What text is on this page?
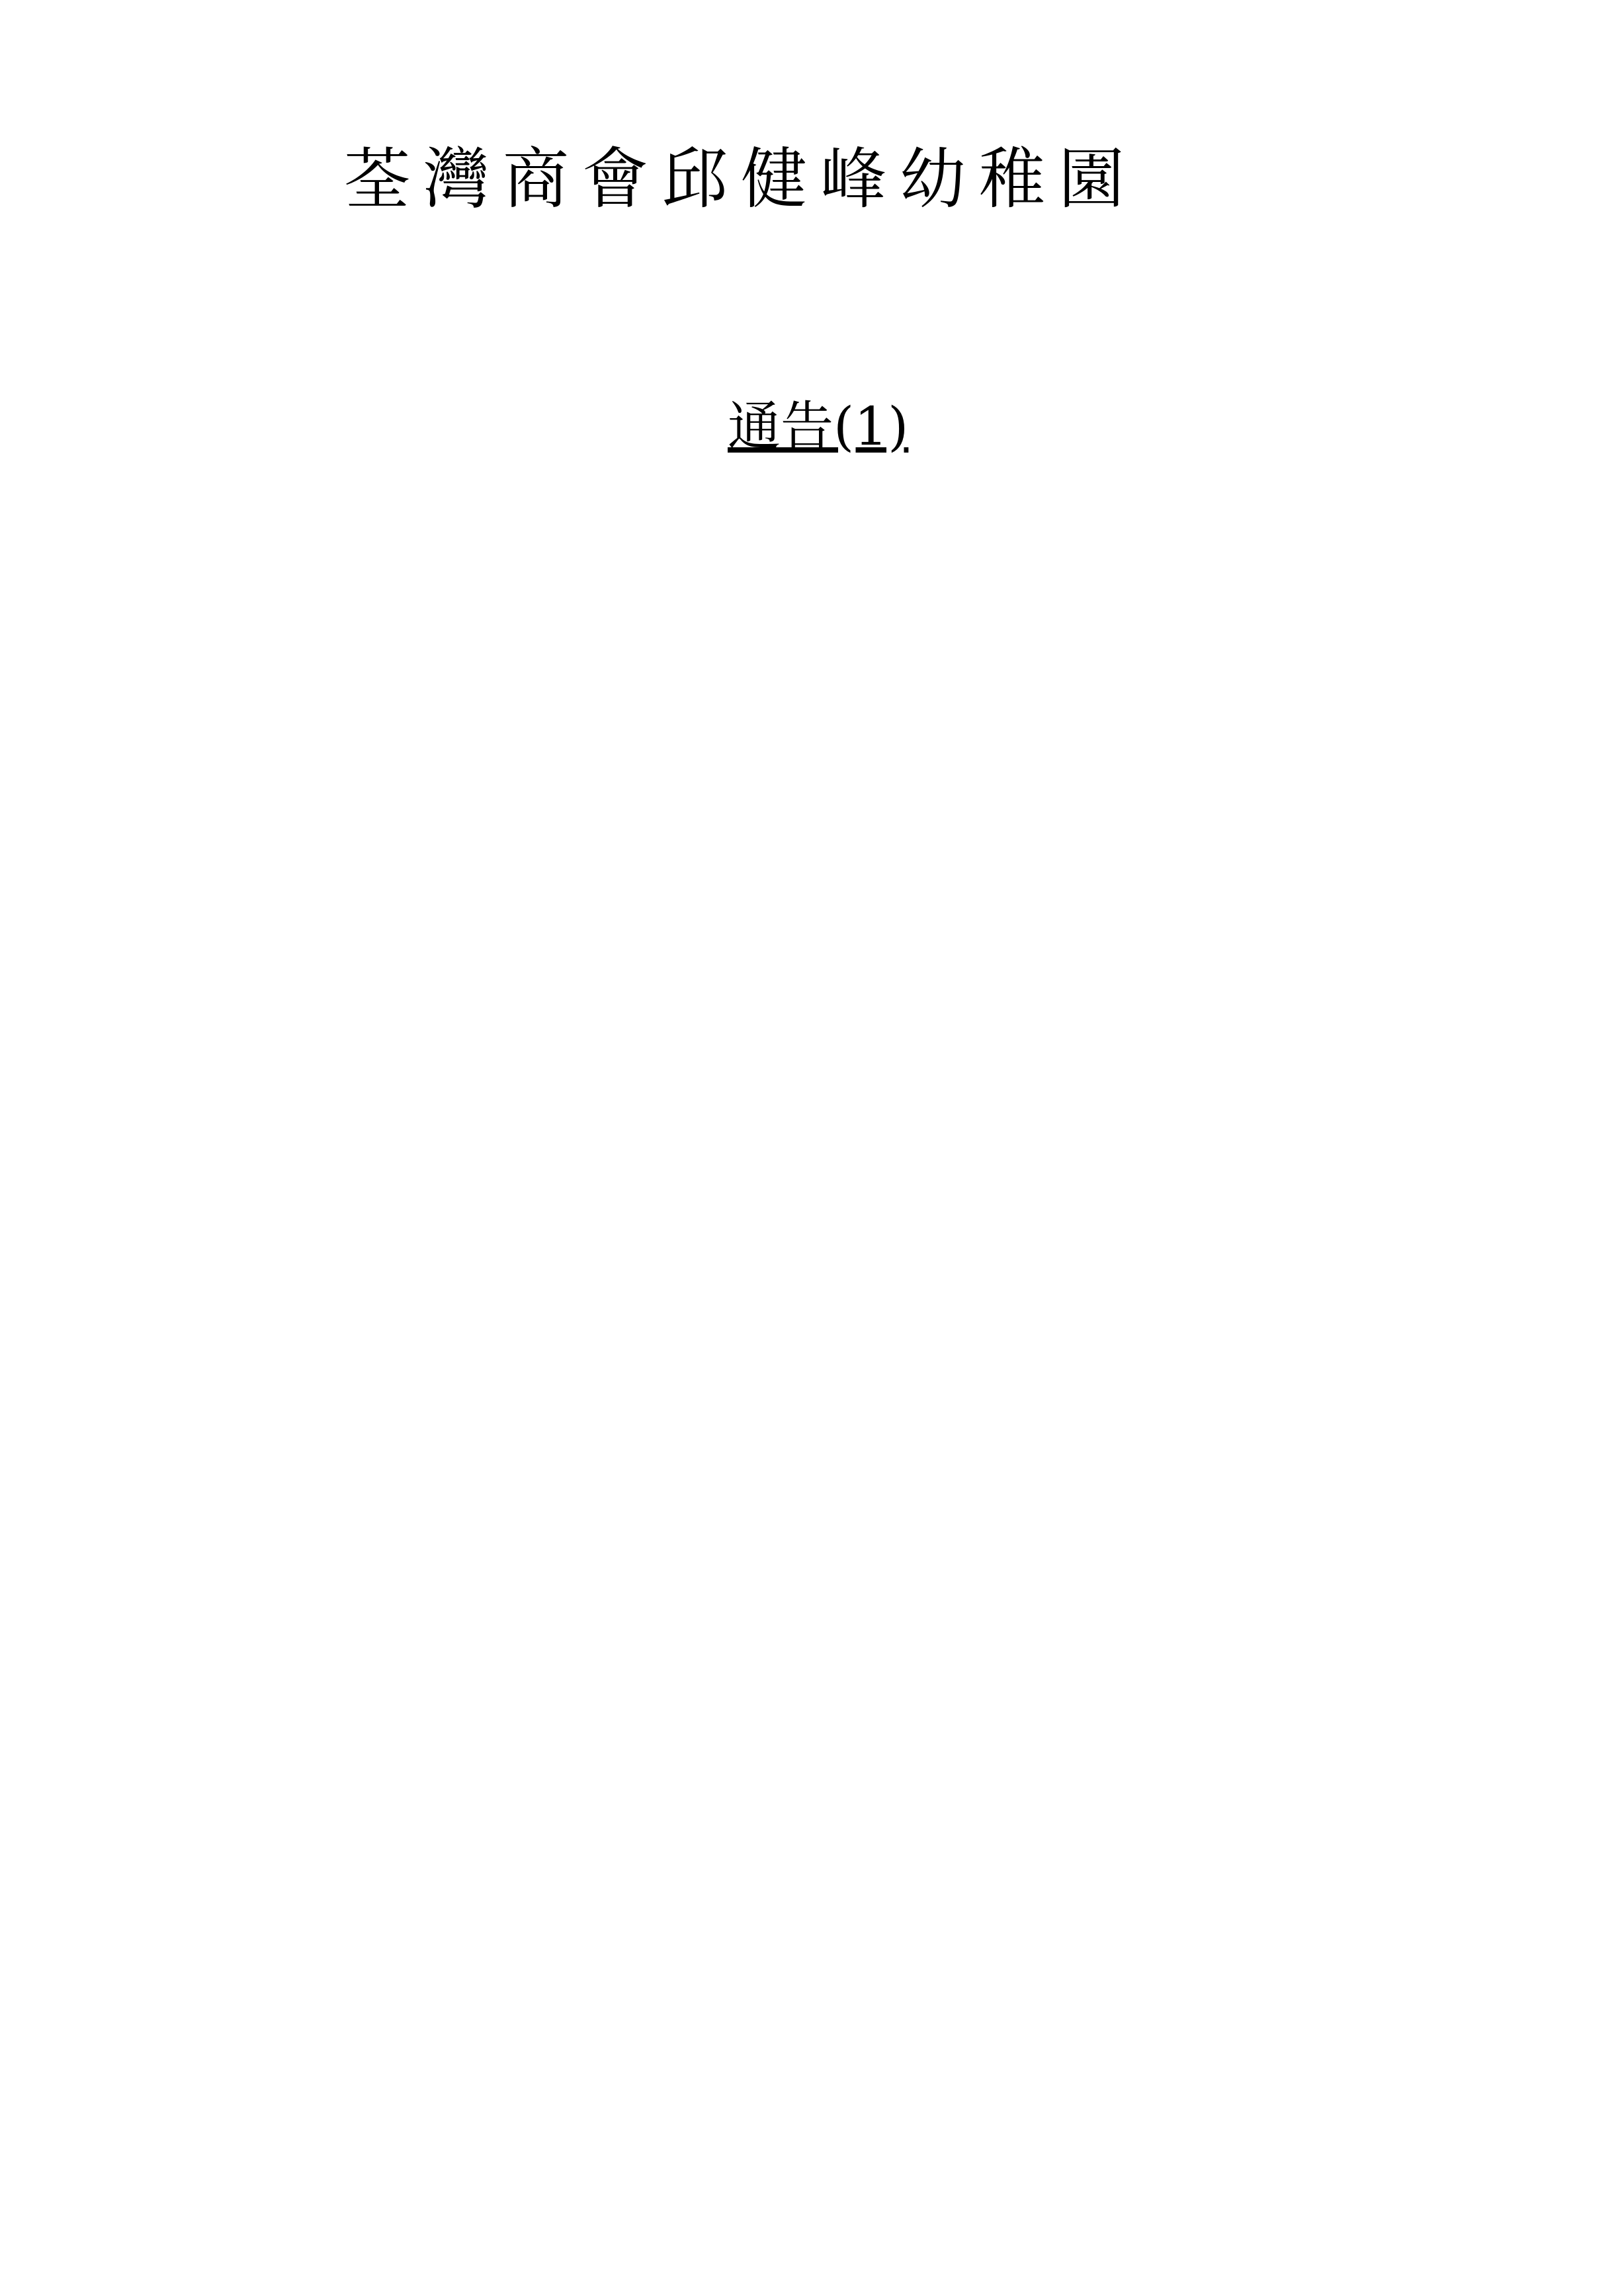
荃灣商會邱健峰幼稚園
通告(1)
